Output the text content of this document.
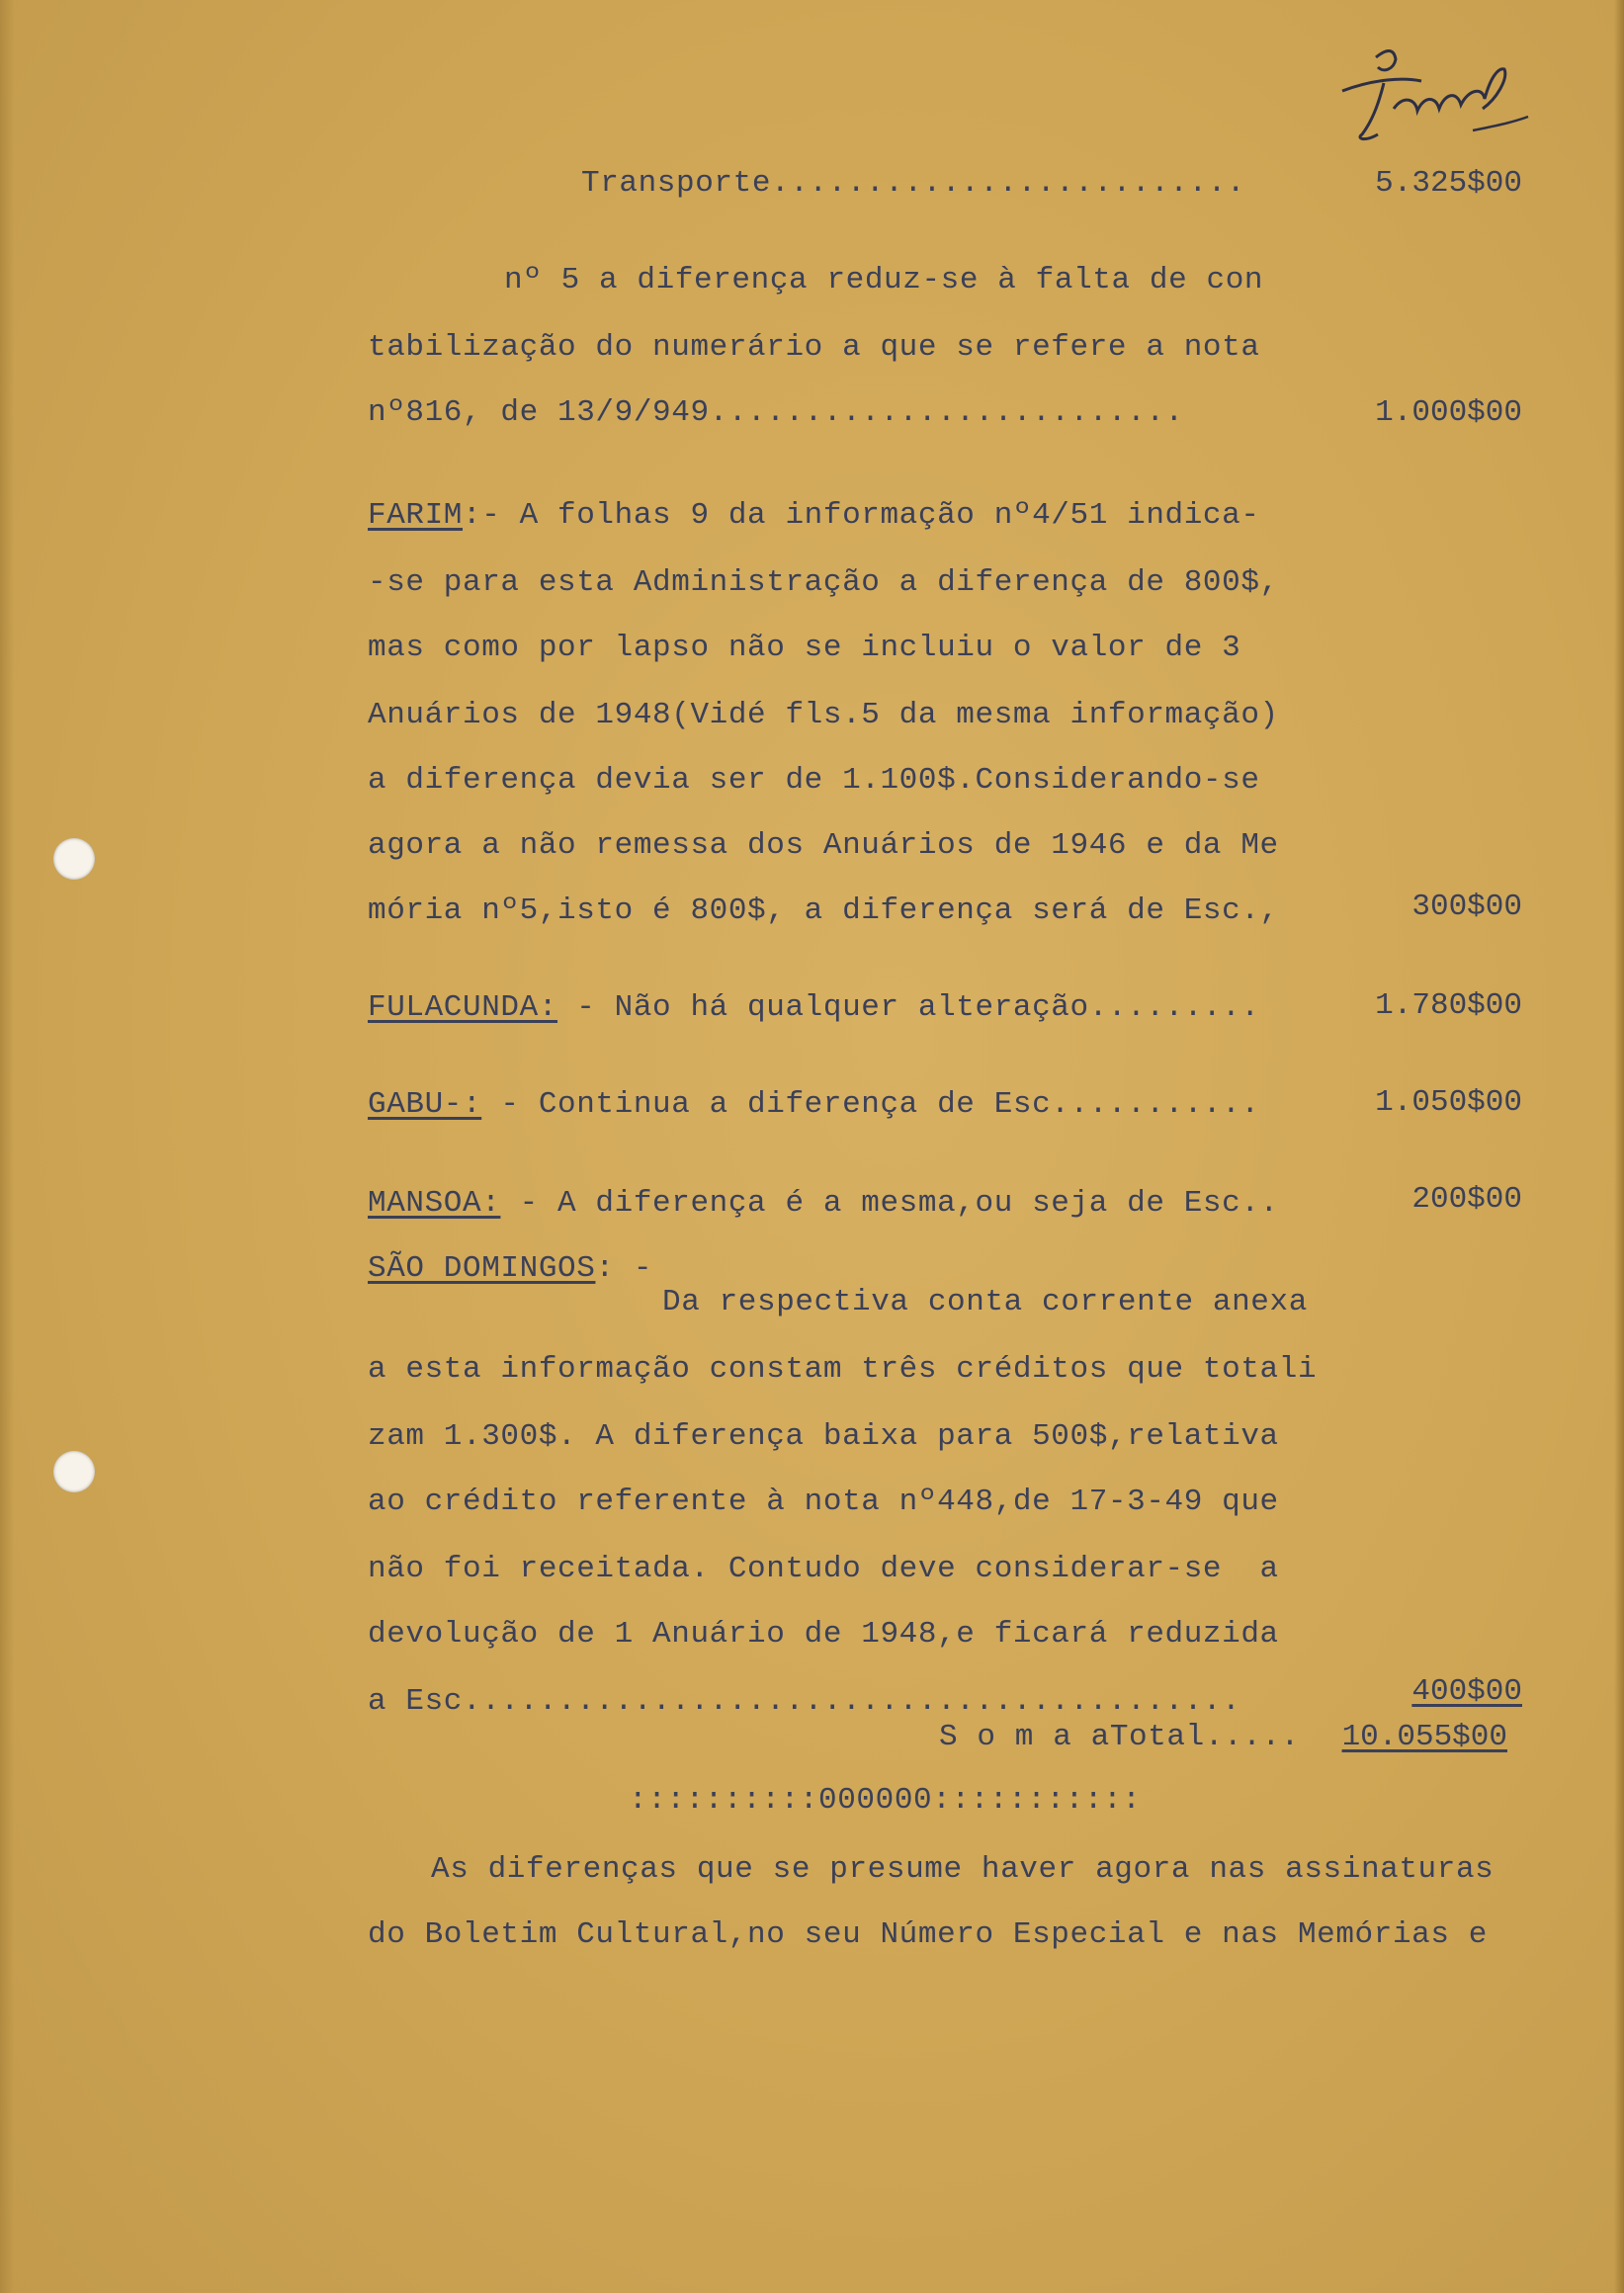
Transporte.........................	5.325$00
nº 5 a diferença reduz-se à falta de con
tabilização do numerário a que se refere a nota
nº816, de 13/9/949.........................	1.000$00
FARIM:- A folhas 9 da informação nº4/51 indica-
-se para esta Administração a diferença de 800$,
mas como por lapso não se incluiu o valor de 3
Anuários de 1948(Vidé fls.5 da mesma informação)
a diferença devia ser de 1.100$.Considerando-se
agora a não remessa dos Anuários de 1946 e da Me
mória nº5,isto é 800$, a diferença será de Esc.,	300$00
FULACUNDA: - Não há qualquer alteração.........	1.780$00
GABU-: - Continua a diferença de Esc...........	1.050$00
MANSOA: - A diferença é a mesma,ou seja de Esc..	200$00
SÃO DOMINGOS: -
Da respectiva conta corrente anexa
a esta informação constam três créditos que totali
zam 1.300$. A diferença baixa para 500$,relativa
ao crédito referente à nota nº448,de 17-3-49 que
não foi receitada. Contudo deve considerar-se  a
devolução de 1 Anuário de 1948,e ficará reduzida
a Esc.........................................	400$00
S o m a aTotal.....	10.055$00
::::::::::000000:::::::::::
As diferenças que se presume haver agora nas assinaturas
do Boletim Cultural,no seu Número Especial e nas Memórias e
